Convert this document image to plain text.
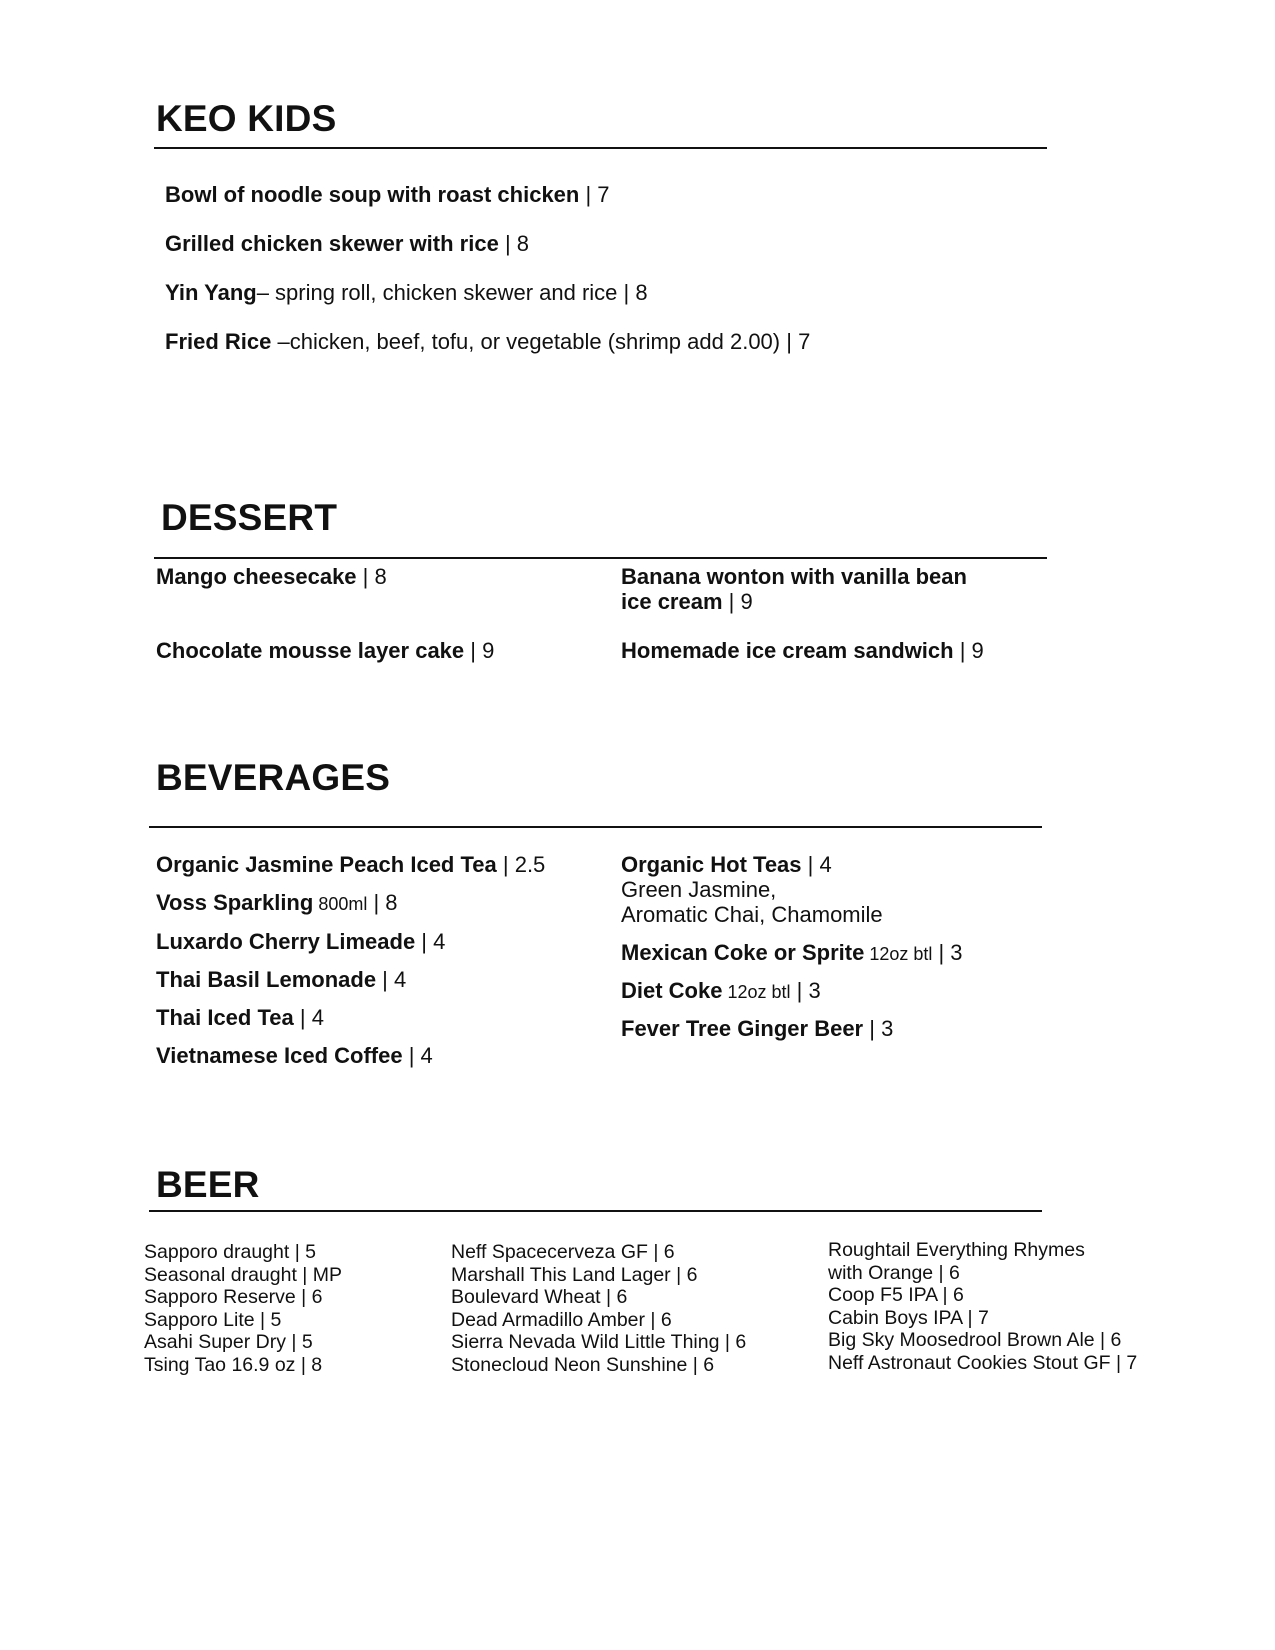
KEO KIDS
Bowl of noodle soup with roast chicken | 7
Grilled chicken skewer with rice | 8
Yin Yang– spring roll, chicken skewer and rice | 8
Fried Rice –chicken, beef, tofu, or vegetable (shrimp add 2.00) | 7
DESSERT
Mango cheesecake | 8	Banana wonton with vanilla bean
ice cream | 9
Chocolate mousse layer cake | 9	Homemade ice cream sandwich | 9
BEVERAGES
Organic Jasmine Peach Iced Tea | 2.5
Voss Sparkling 800ml | 8
Luxardo Cherry Limeade | 4
Thai Basil Lemonade | 4
Thai Iced Tea | 4
Vietnamese Iced Coffee | 4
Organic Hot Teas | 4
Green Jasmine,
Aromatic Chai, Chamomile
Mexican Coke or Sprite 12oz btl | 3
Diet Coke 12oz btl | 3
Fever Tree Ginger Beer | 3
BEER
Sapporo draught | 5
Seasonal draught | MP
Sapporo Reserve | 6
Sapporo Lite | 5
Asahi Super Dry | 5
Tsing Tao 16.9 oz | 8
Neff Spacecerveza GF | 6
Marshall This Land Lager | 6
Boulevard Wheat | 6
Dead Armadillo Amber | 6
Sierra Nevada Wild Little Thing | 6
Stonecloud Neon Sunshine | 6
Roughtail Everything Rhymes
with Orange | 6
Coop F5 IPA | 6
Cabin Boys IPA | 7
Big Sky Moosedrool Brown Ale | 6
Neff Astronaut Cookies Stout GF | 7
